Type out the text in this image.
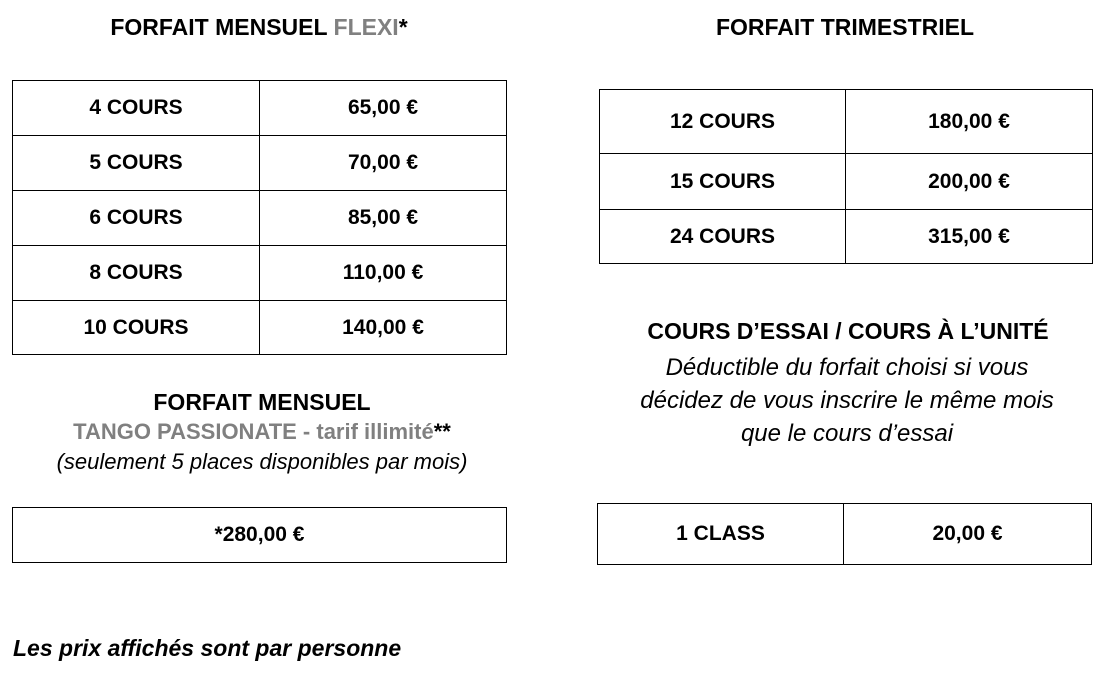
FORFAIT MENSUEL FLEXI*
4 COURS	65,00 €
5 COURS	70,00 €
6 COURS	85,00 €
8 COURS	110,00 €
10 COURS	140,00 €
FORFAIT TRIMESTRIEL
12 COURS	180,00 €
15 COURS	200,00 €
24 COURS	315,00 €
FORFAIT MENSUEL
TANGO PASSIONATE - tarif illimité**
(seulement 5 places disponibles par mois)
*280,00 €
COURS D’ESSAI / COURS À L’UNITÉ
Déductible du forfait choisi si vous
décidez de vous inscrire le même mois
que le cours d’essai
1 CLASS	20,00 €
Les prix affichés sont par personne
